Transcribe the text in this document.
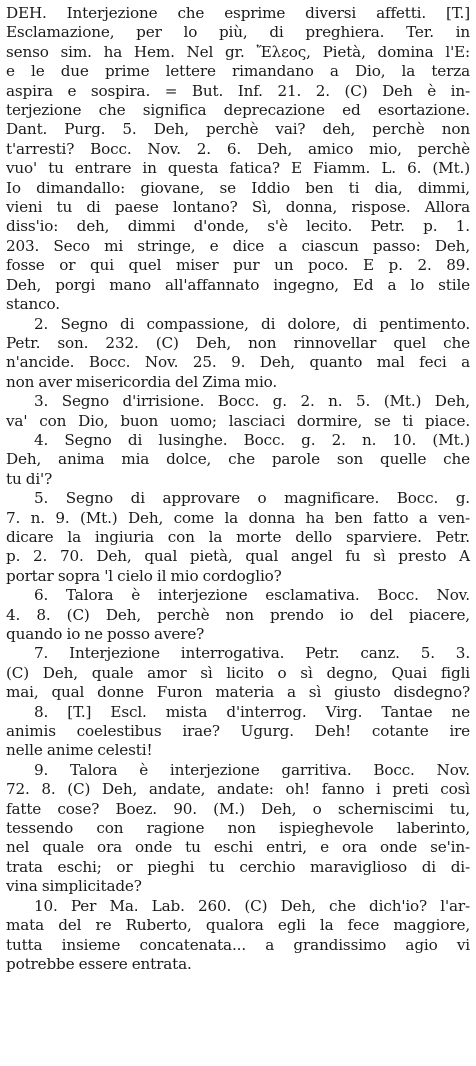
DEH. Interjezione che esprime diversi affetti. [T.]
Esclamazione, per lo più, di preghiera. Ter. in
senso sim. ha Hem. Nel gr. Ἔλεος, Pietà, domina l'E:
e le due prime lettere rimandano a Dio, la terza
aspira e sospira. = But. Inf. 21. 2. (C) Deh è in-
terjezione che significa deprecazione ed esortazione.
Dant. Purg. 5. Deh, perchè vai? deh, perchè non
t'arresti? Bocc. Nov. 2. 6. Deh, amico mio, perchè
vuo' tu entrare in questa fatica? E Fiamm. L. 6. (Mt.)
Io dimandallo: giovane, se Iddio ben ti dia, dimmi,
vieni tu di paese lontano? Sì, donna, rispose. Allora
diss'io: deh, dimmi d'onde, s'è lecito. Petr. p. 1.
203. Seco mi stringe, e dice a ciascun passo: Deh,
fosse or qui quel miser pur un poco. E p. 2. 89.
Deh, porgi mano all'affannato ingegno, Ed a lo stile
stanco.
2. Segno di compassione, di dolore, di pentimento.
Petr. son. 232. (C) Deh, non rinnovellar quel che
n'ancide. Bocc. Nov. 25. 9. Deh, quanto mal feci a
non aver misericordia del Zima mio.
3. Segno d'irrisione. Bocc. g. 2. n. 5. (Mt.) Deh,
va' con Dio, buon uomo; lasciaci dormire, se ti piace.
4. Segno di lusinghe. Bocc. g. 2. n. 10. (Mt.)
Deh, anima mia dolce, che parole son quelle che
tu di'?
5. Segno di approvare o magnificare. Bocc. g.
7. n. 9. (Mt.) Deh, come la donna ha ben fatto a ven-
dicare la ingiuria con la morte dello sparviere. Petr.
p. 2. 70. Deh, qual pietà, qual angel fu sì presto A
portar sopra 'l cielo il mio cordoglio?
6. Talora è interjezione esclamativa. Bocc. Nov.
4. 8. (C) Deh, perchè non prendo io del piacere,
quando io ne posso avere?
7. Interjezione interrogativa. Petr. canz. 5. 3.
(C) Deh, quale amor sì licito o sì degno, Quai figli
mai, qual donne Furon materia a sì giusto disdegno?
8. [T.] Escl. mista d'interrog. Virg. Tantae ne
animis coelestibus irae? Ugurg. Deh! cotante ire
nelle anime celesti!
9. Talora è interjezione garritiva. Bocc. Nov.
72. 8. (C) Deh, andate, andate: oh! fanno i preti così
fatte cose? Boez. 90. (M.) Deh, o scherniscimi tu,
tessendo con ragione non ispieghevole laberinto,
nel quale ora onde tu eschi entri, e ora onde se'in-
trata eschi; or pieghi tu cerchio maraviglioso di di-
vina simplicitade?
10. Per Ma. Lab. 260. (C) Deh, che dich'io? l'ar-
mata del re Ruberto, qualora egli la fece maggiore,
tutta insieme concatenata... a grandissimo agio vi
potrebbe essere entrata.
